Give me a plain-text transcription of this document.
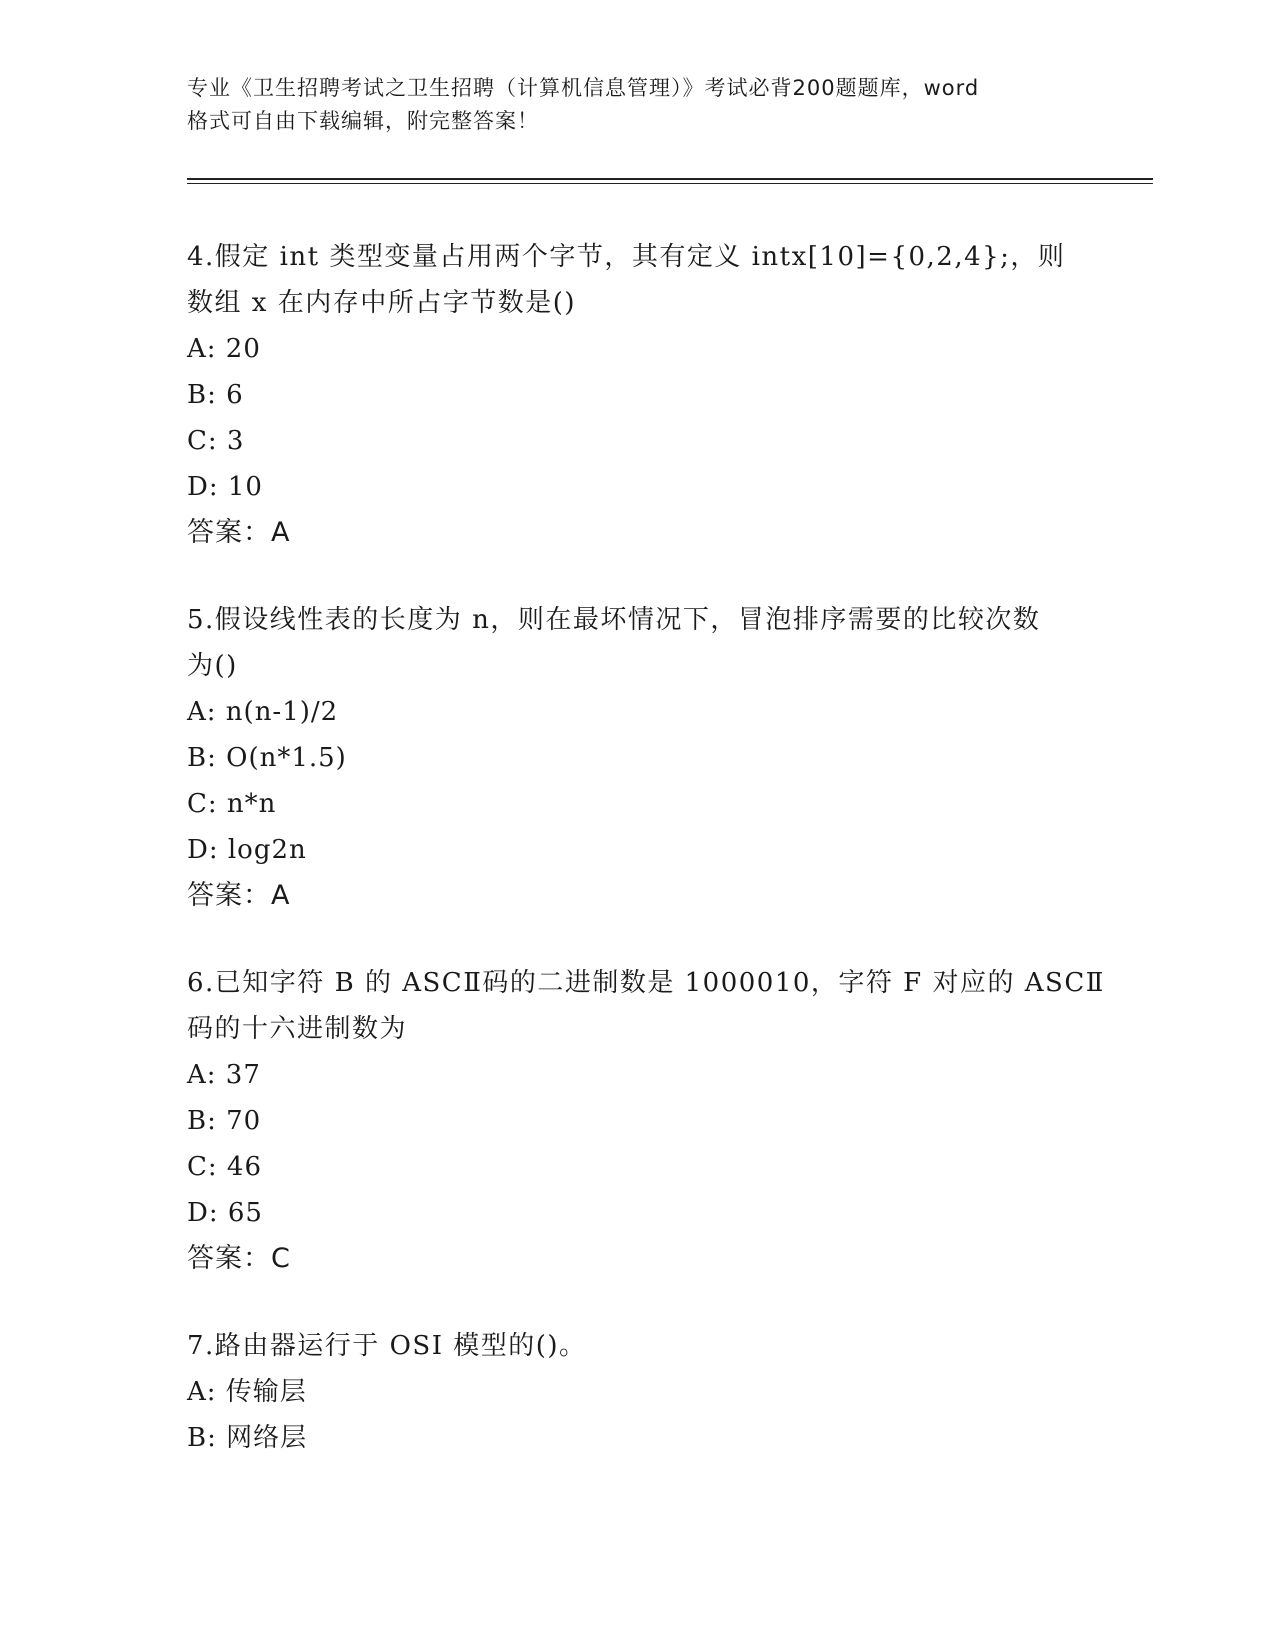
专业《卫生招聘考试之卫生招聘（计算机信息管理）》考试必背200题题库，word
格式可自由下载编辑，附完整答案！
4.假定 int 类型变量占用两个字节，其有定义 intx[10]={0,2,4};，则
数组 x 在内存中所占字节数是()
A: 20
B: 6
C: 3
D: 10
答案：A
5.假设线性表的长度为 n，则在最坏情况下，冒泡排序需要的比较次数
为()
A: n(n-1)/2
B: O(n*1.5)
C: n*n
D: log2n
答案：A
6.已知字符 B 的 ASCⅡ码的二进制数是 1000010，字符 F 对应的 ASCⅡ
码的十六进制数为
A: 37
B: 70
C: 46
D: 65
答案：C
7.路由器运行于 OSI 模型的()。
A: 传输层
B: 网络层
